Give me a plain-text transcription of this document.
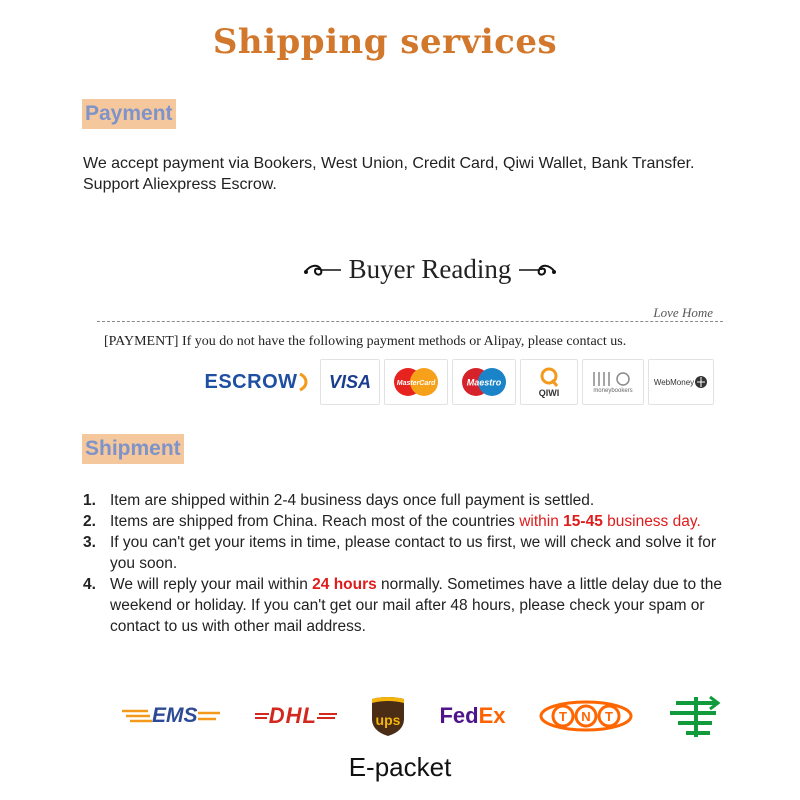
Shipping services
Payment
We accept payment via Bookers, West Union, Credit Card, Qiwi Wallet, Bank Transfer. Support Aliexpress Escrow.
Buyer Reading
Love Home
[PAYMENT] If you do not have the following payment methods or Alipay, please contact us.
ESCROW VISA	MasterCard	Maestro
QIWI	moneybookers
WebMoney
Shipment
1. Item are shipped within 2-4 business days once full payment is settled.
2. Items are shipped from China. Reach most of the countries within 15-45 business day.
3. If you can't get your items in time, please contact to us first, we will check and solve it for you soon.
4. We will reply your mail within 24 hours normally. Sometimes have a little delay due to the weekend or holiday. If you can't get our mail after 48 hours, please check your spam or contact to us with other mail address.
EMS	DHL	ups Fed Ex	T N T
E-packet
